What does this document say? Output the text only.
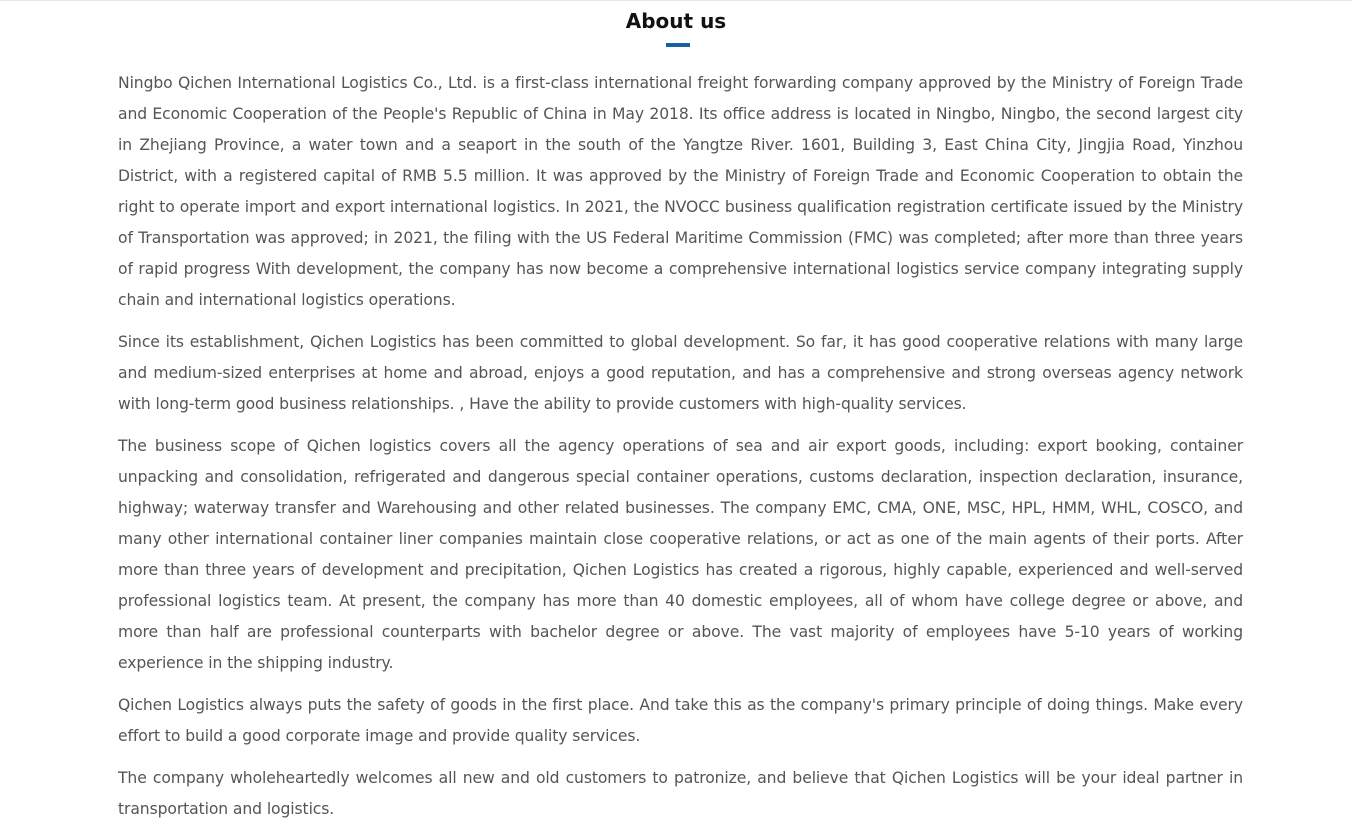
About us

Ningbo Qichen International Logistics Co., Ltd. is a first-class international freight forwarding company approved by the Ministry of Foreign Trade and Economic Cooperation of the People's Republic of China in May 2018. Its office address is located in Ningbo, Ningbo, the second largest city in Zhejiang Province, a water town and a seaport in the south of the Yangtze River. 1601, Building 3, East China City, Jingjia Road, Yinzhou District, with a registered capital of RMB 5.5 million. It was approved by the Ministry of Foreign Trade and Economic Cooperation to obtain the right to operate import and export international logistics. In 2021, the NVOCC business qualification registration certificate issued by the Ministry of Transportation was approved; in 2021, the filing with the US Federal Maritime Commission (FMC) was completed; after more than three years of rapid progress With development, the company has now become a comprehensive international logistics service company integrating supply chain and international logistics operations.

Since its establishment, Qichen Logistics has been committed to global development. So far, it has good cooperative relations with many large and medium-sized enterprises at home and abroad, enjoys a good reputation, and has a comprehensive and strong overseas agency network with long-term good business relationships. , Have the ability to provide customers with high-quality services.

The business scope of Qichen logistics covers all the agency operations of sea and air export goods, including: export booking, container unpacking and consolidation, refrigerated and dangerous special container operations, customs declaration, inspection declaration, insurance, highway; waterway transfer and Warehousing and other related businesses. The company EMC, CMA, ONE, MSC, HPL, HMM, WHL, COSCO, and many other international container liner companies maintain close cooperative relations, or act as one of the main agents of their ports. After more than three years of development and precipitation, Qichen Logistics has created a rigorous, highly capable, experienced and well-served professional logistics team. At present, the company has more than 40 domestic employees, all of whom have college degree or above, and more than half are professional counterparts with bachelor degree or above. The vast majority of employees have 5-10 years of working experience in the shipping industry.

Qichen Logistics always puts the safety of goods in the first place. And take this as the company's primary principle of doing things. Make every effort to build a good corporate image and provide quality services.

The company wholeheartedly welcomes all new and old customers to patronize, and believe that Qichen Logistics will be your ideal partner in transportation and logistics.
